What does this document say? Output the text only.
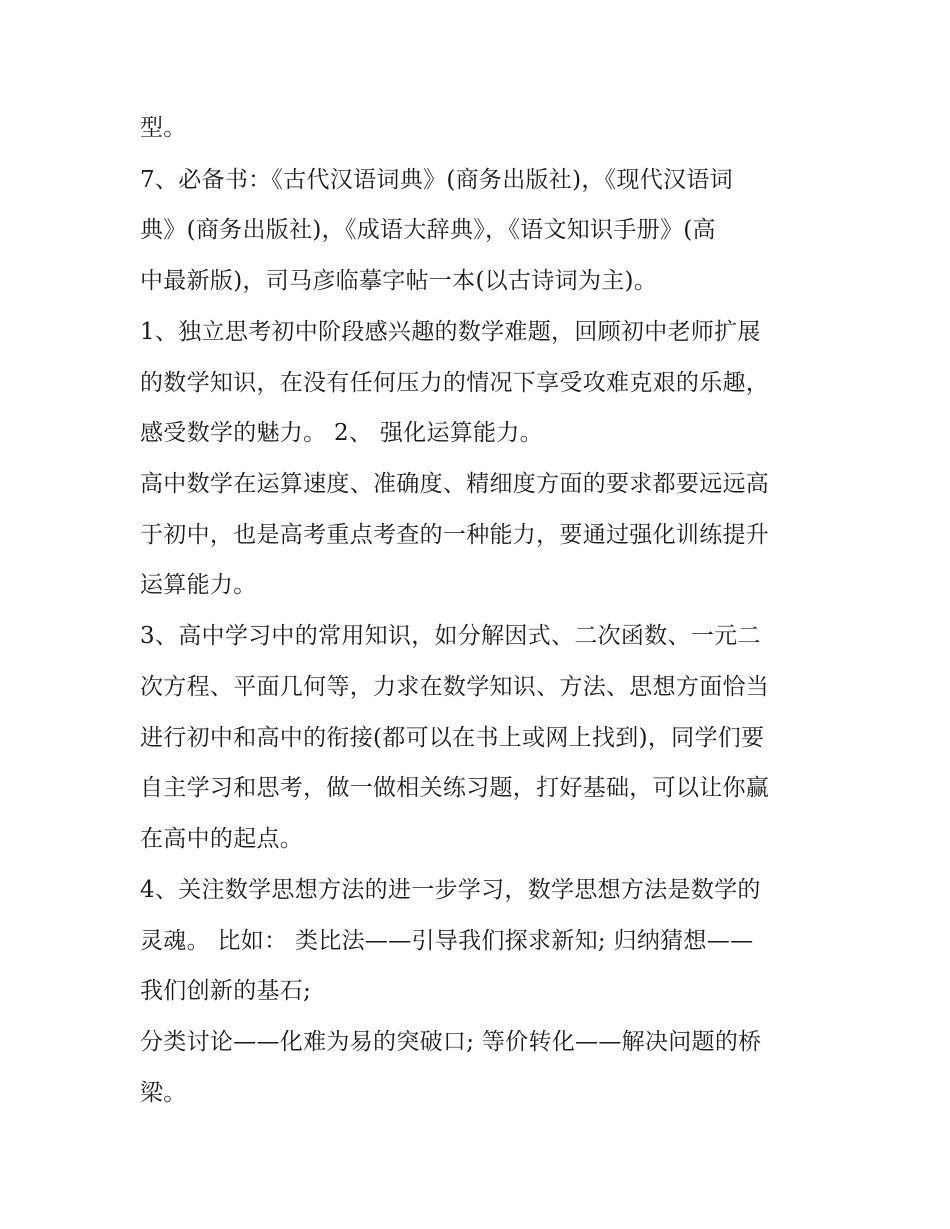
型。
7、必备书：《古代汉语词典》(商务出版社)，《现代汉语词
典》(商务出版社)，《成语大辞典》，《语文知识手册》(高
中最新版)，司马彦临摹字帖一本(以古诗词为主)。
1、独立思考初中阶段感兴趣的数学难题，回顾初中老师扩展
的数学知识，在没有任何压力的情况下享受攻难克艰的乐趣，
感受数学的魅力。 2、 强化运算能力。
高中数学在运算速度、准确度、精细度方面的要求都要远远高
于初中，也是高考重点考查的一种能力，要通过强化训练提升
运算能力。
3、高中学习中的常用知识，如分解因式、二次函数、一元二
次方程、平面几何等，力求在数学知识、方法、思想方面恰当
进行初中和高中的衔接(都可以在书上或网上找到)，同学们要
自主学习和思考，做一做相关练习题，打好基础，可以让你赢
在高中的起点。
4、关注数学思想方法的进一步学习，数学思想方法是数学的
灵魂。 比如： 类比法——引导我们探求新知; 归纳猜想——
我们创新的基石;
分类讨论——化难为易的突破口; 等价转化——解决问题的桥
梁。
